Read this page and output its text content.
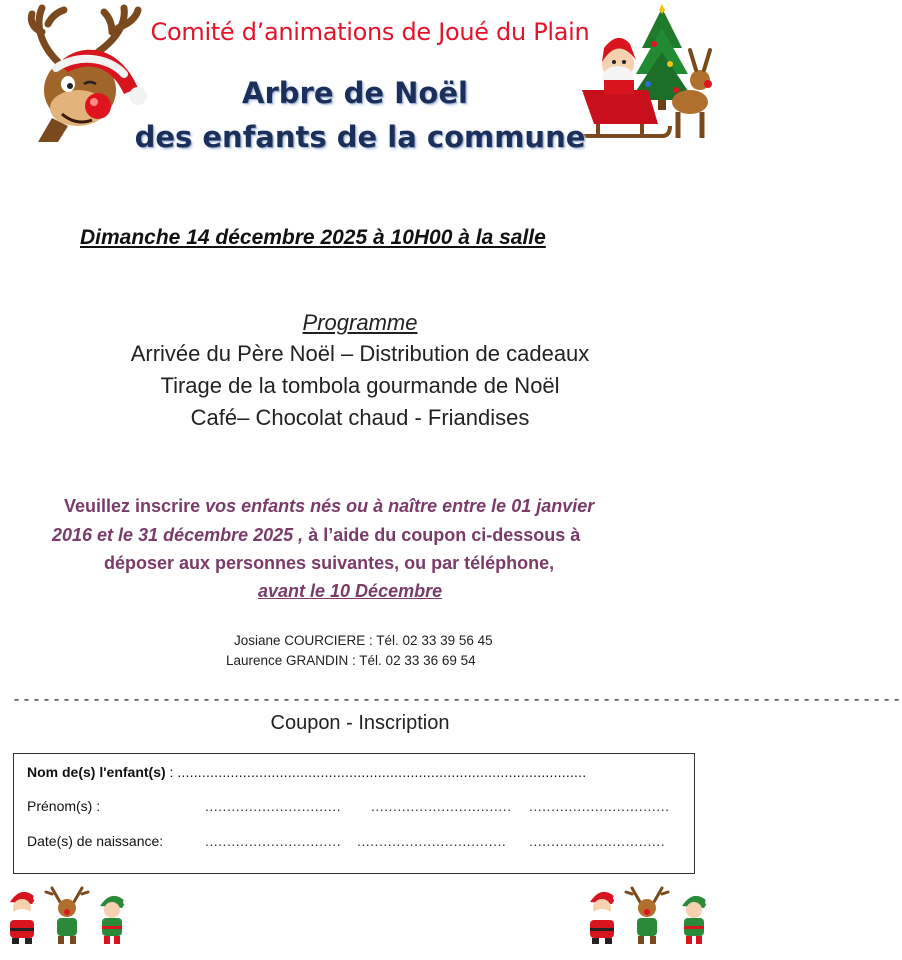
Comité d’animations de Joué du Plain
Arbre de Noël
des enfants de la commune
Dimanche 14 décembre 2025 à 10H00 à la salle
Programme
Arrivée du Père Noël – Distribution de cadeaux
Tirage de la tombola gourmande de Noël
Café– Chocolat chaud - Friandises
Veuillez inscrire vos enfants nés ou à naître entre le 01 janvier
2016 et le 31 décembre 2025 , à l’aide du coupon ci-dessous à
déposer aux personnes suivantes, ou par téléphone,
avant le 10 Décembre
Josiane COURCIERE : Tél. 02 33 39 56 45
Laurence GRANDIN : Tél. 02 33 36 69 54
-----------------------------------------------------------------------------------------
Coupon - Inscription
Nom de(s) l'enfant(s) : ....................................................................................................
Prénom(s) :	............................... ................................ ................................
Date(s) de naissance:	............................... .................................. ...............................
